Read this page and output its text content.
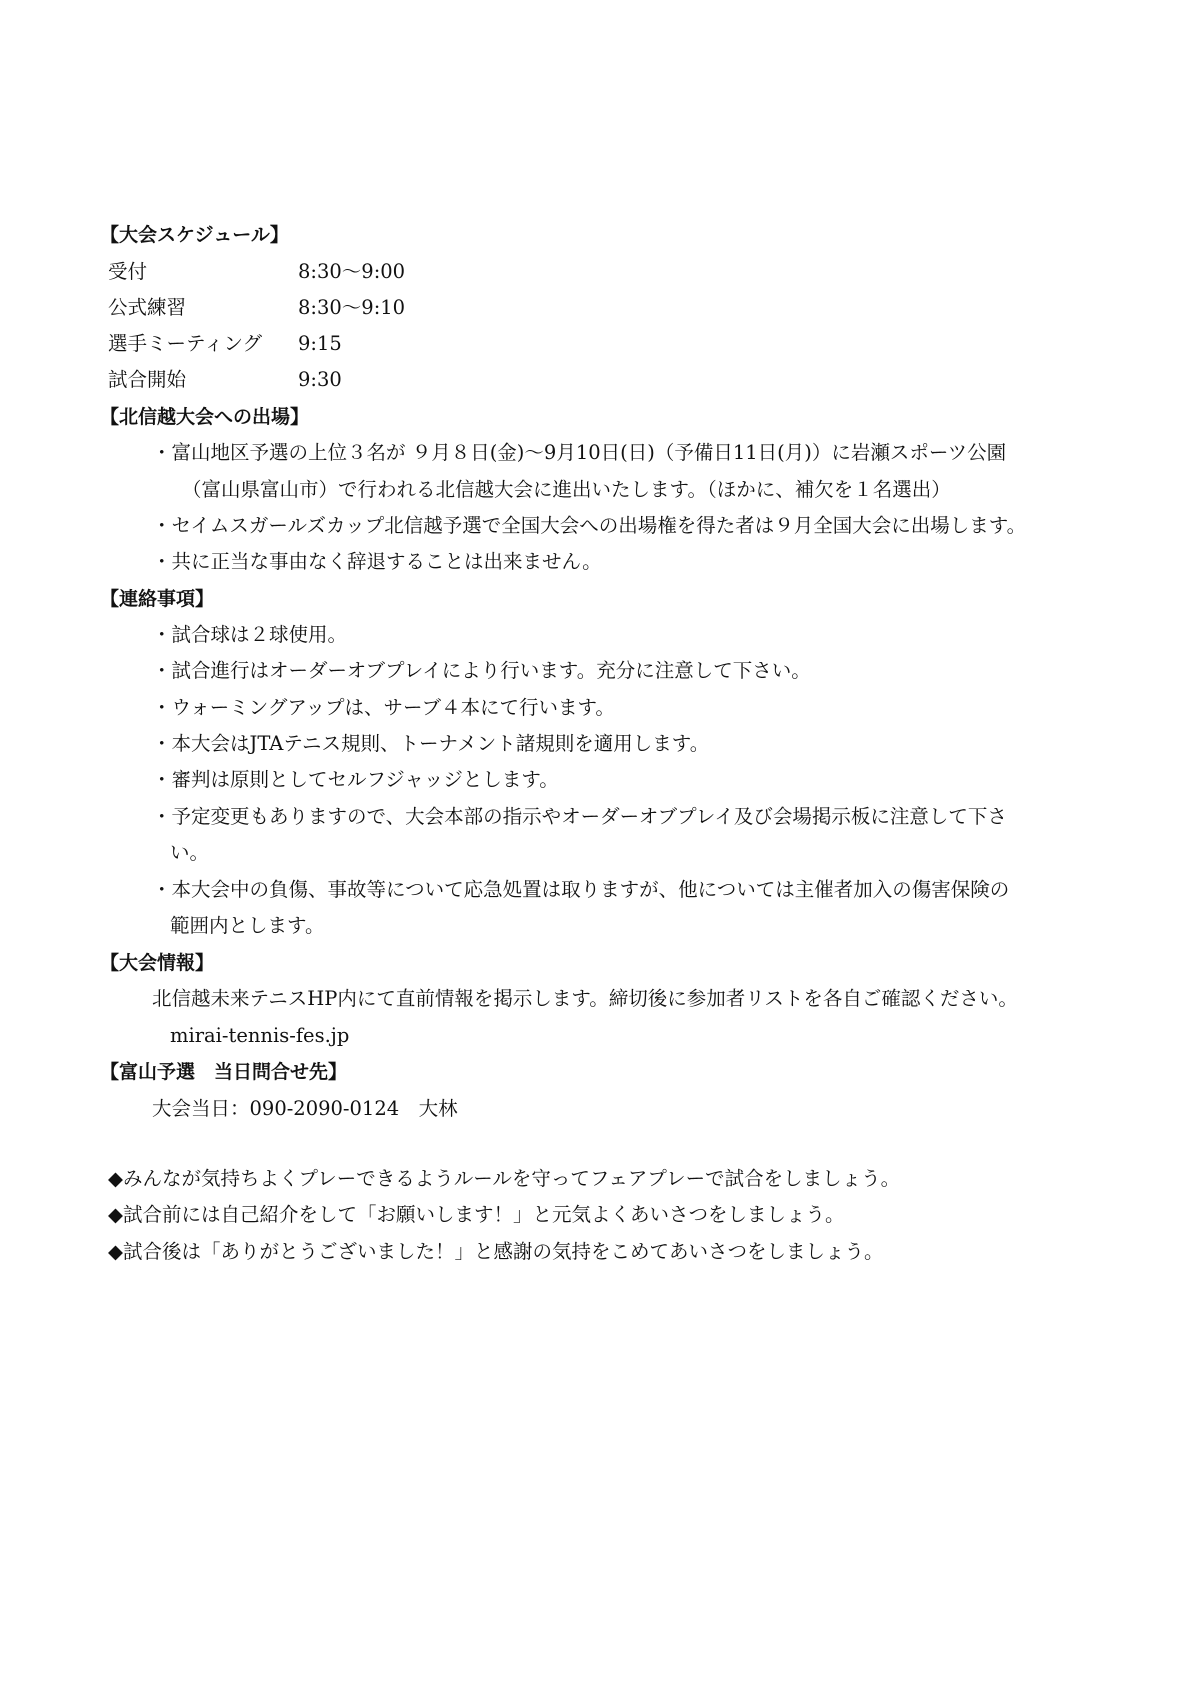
【大会スケジュール】
受付	8:30～9:00
公式練習	8:30～9:10
選手ミーティング 9:15
試合開始	9:30
【北信越大会への出場】
・富山地区予選の上位３名が ９月８日(金)～9月10日(日)（予備日11日(月)）に岩瀬スポーツ公園
（富山県富山市）で行われる北信越大会に進出いたします。（ほかに、補欠を１名選出）
・セイムスガールズカップ北信越予選で全国大会への出場権を得た者は９月全国大会に出場します。
・共に正当な事由なく辞退することは出来ません。
【連絡事項】
・試合球は２球使用。
・試合進行はオーダーオブプレイにより行います。充分に注意して下さい。
・ウォーミングアップは、サーブ４本にて行います。
・本大会はJTAテニス規則、トーナメント諸規則を適用します。
・審判は原則としてセルフジャッジとします。
・予定変更もありますので、大会本部の指示やオーダーオブプレイ及び会場掲示板に注意して下さ
い。
・本大会中の負傷、事故等について応急処置は取りますが、他については主催者加入の傷害保険の
範囲内とします。
【大会情報】
北信越未来テニスHP内にて直前情報を掲示します。締切後に参加者リストを各自ご確認ください。
mirai-tennis-fes.jp
【富山予選　当日問合せ先】
大会当日：090-2090-0124　大林
◆みんなが気持ちよくプレーできるようルールを守ってフェアプレーで試合をしましょう。
◆試合前には自己紹介をして「お願いします！」と元気よくあいさつをしましょう。
◆試合後は「ありがとうございました！」と感謝の気持をこめてあいさつをしましょう。
